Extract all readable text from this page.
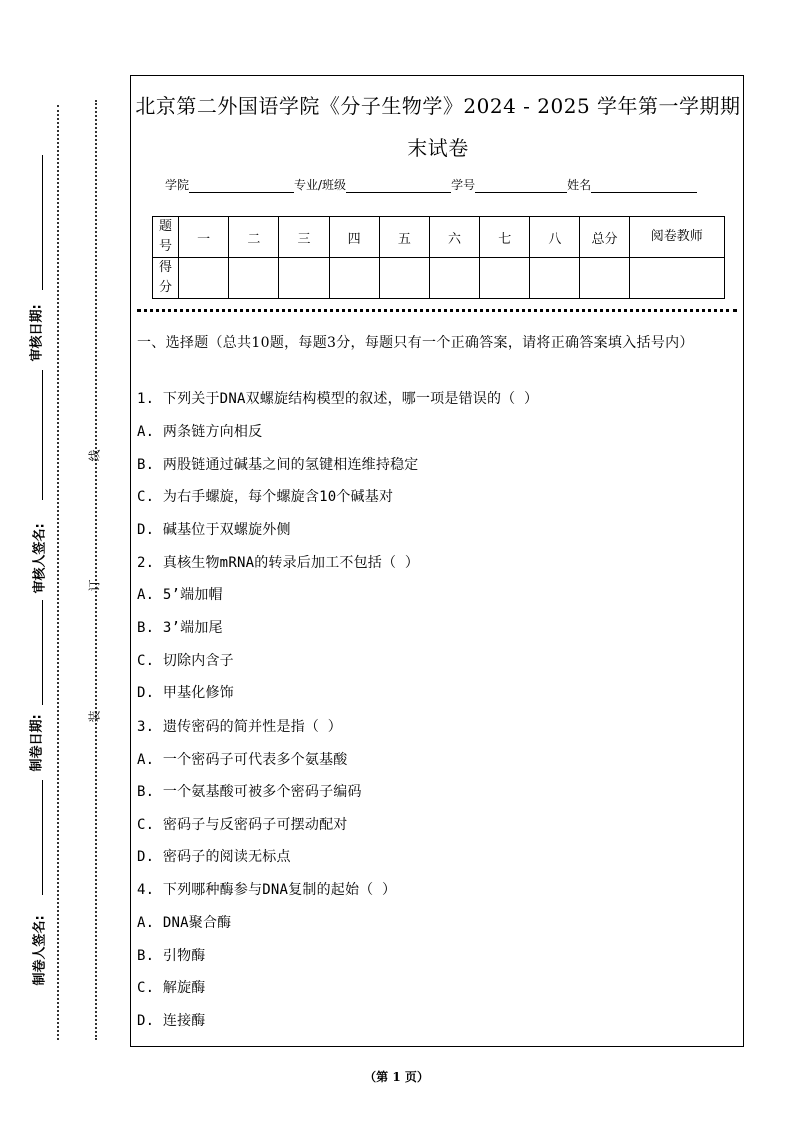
审核日期:
审核人签名:
制卷日期:
制卷人签名:
线
订
装
北京第二外国语学院《分子生物学》2024 - 2025 学年第一学期期
末试卷
学院	专业/班级	学号	姓名
题号	一	二	三	四	五	六	七	八	总分	阅卷教师
得分										
一、选择题（总共10题，每题3分，每题只有一个正确答案，请将正确答案填入括号内）
1. 下列关于DNA双螺旋结构模型的叙述，哪一项是错误的（ ）
A. 两条链方向相反
B. 两股链通过碱基之间的氢键相连维持稳定
C. 为右手螺旋，每个螺旋含10个碱基对
D. 碱基位于双螺旋外侧
2. 真核生物mRNA的转录后加工不包括（ ）
A. 5’端加帽
B. 3’端加尾
C. 切除内含子
D. 甲基化修饰
3. 遗传密码的简并性是指（ ）
A. 一个密码子可代表多个氨基酸
B. 一个氨基酸可被多个密码子编码
C. 密码子与反密码子可摆动配对
D. 密码子的阅读无标点
4. 下列哪种酶参与DNA复制的起始（ ）
A. DNA聚合酶
B. 引物酶
C. 解旋酶
D. 连接酶
（第 1 页）
